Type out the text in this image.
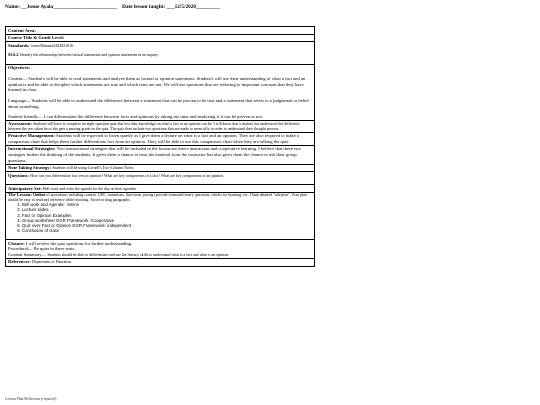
Name: __Josue Ayala________________________ Date lesson taught: ___12/5/2020_________
Content Area:
Course Title & Grade Level:
Standards: ixaire38imaire2442821616
SS.6.2. Identify the relationship between factual statements and opinion statements in an inquiry.
Objectives:
Content— Student's will be able to read statements and analyze them as factual or opinion statements. Student's will use their understanding of what a fact and an opinion is and be able to decipher which statements are true and which ones are not. We will use questions that are referring to important concepts that they have learned in class.
Language— Students will be able to understand the difference between a statement that can be proven to be true and a statement that refers to a judgement or belief about something.
Student-friendly— I can differentiate the difference between facts and opinions by taking my time and analyzing if it can be proven or not.
Assessment: Students will have to complete an eight-question quiz that test their knowledge on what a fact or an opinion can be. I will know that a student has understood the difference between the two when he or she gets a passing grade on the quiz. The quiz does include two questions that are made to seem silly in order to understand their thought process.
Proactive Management: Students will be expected to listen quietly as I give them a lecture on what is a fact and an opinion. They are also required to make a comparison chart that helps them further differentiate fact from an opinion. They will be able to use this comparison chart when they are talking the quiz.
Instructional Strategies: Two instructional strategies that will be included in the lesson are direct instruction and cooperative learning. I believe that these two strategies further the thinking of the students. It gives them a chance to hear the material from the instructor but also gives them the chance to ask their group questions.
Note Taking Strategy: Students will be using Cornell's Two-Column Notes.
Questions: How can you differentiate fact versus opinion? What are key components of a fact? What are key components of an opinion.
Anticipatory Set: Bell work and write the agenda for the day on their agendas.
The Lesson: Outline of procedures including content, UDL, transitions, directions, pacing (provide estimated time), questions, checks for learning, etc. Think detailed "sub-plan". Your plan should be easy to read and reference while teaching. Avoid writing paragraphs.
1. Bell work and Agenda - 5mins
2. Lecture slides
3. Fact or Opinion Examples
4. Group worksheet GGR Framework -Cooperative
5. Quiz over Fact or Opinion GGR Framework- independent
6. Conclusion of class
Closure: I will review the quiz questions for further understanding.
Procedural— Be quiet in there seats.
Content Summary— Students should be able to differentiate and use the literacy skills to understand what is a fact and what is an opinion.
References: Department of Education
Lesson Plan Reflection (required)
